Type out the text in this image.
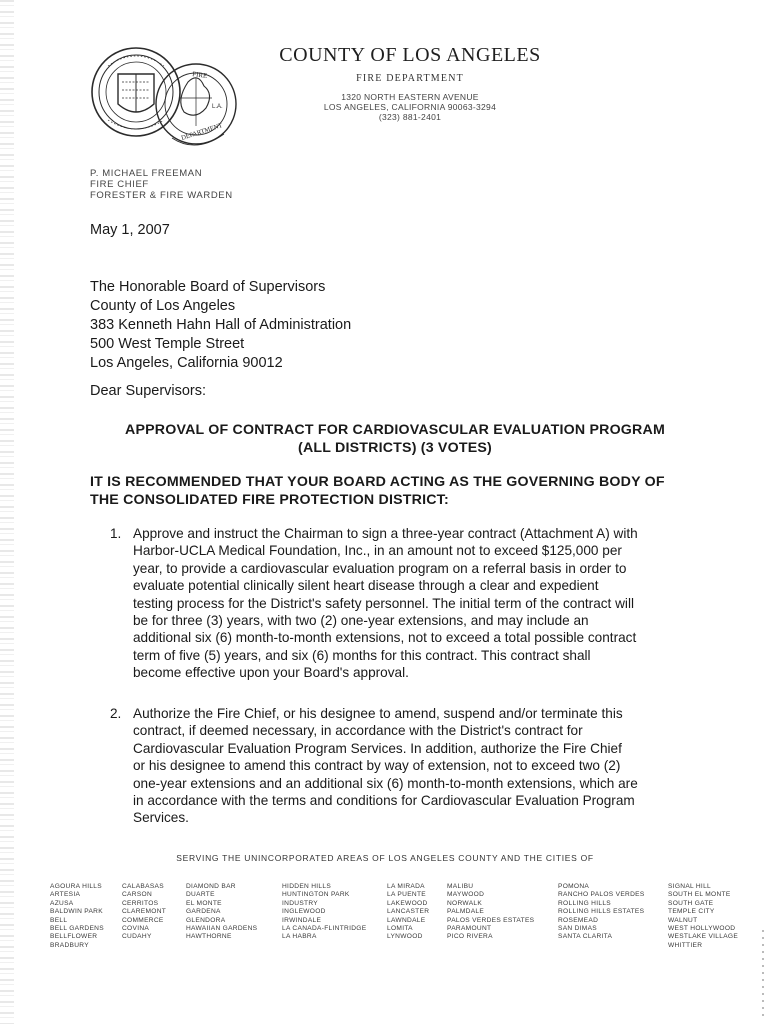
FIRE
DEPARTMENT
L.A.
COUNTY OF LOS ANGELES
FIRE DEPARTMENT
1320 NORTH EASTERN AVENUE
LOS ANGELES, CALIFORNIA 90063-3294
(323) 881-2401
P. MICHAEL FREEMAN
FIRE CHIEF
FORESTER & FIRE WARDEN
May 1, 2007
The Honorable Board of Supervisors
County of Los Angeles
383 Kenneth Hahn Hall of Administration
500 West Temple Street
Los Angeles, California 90012
Dear Supervisors:
APPROVAL OF CONTRACT FOR CARDIOVASCULAR EVALUATION PROGRAM
(ALL DISTRICTS) (3 VOTES)
IT IS RECOMMENDED THAT YOUR BOARD ACTING AS THE GOVERNING BODY OF
THE CONSOLIDATED FIRE PROTECTION DISTRICT:
1. Approve and instruct the Chairman to sign a three-year contract (Attachment A) with
Harbor-UCLA Medical Foundation, Inc., in an amount not to exceed $125,000 per
year, to provide a cardiovascular evaluation program on a referral basis in order to
evaluate potential clinically silent heart disease through a clear and expedient
testing process for the District's safety personnel. The initial term of the contract will
be for three (3) years, with two (2) one-year extensions, and may include an
additional six (6) month-to-month extensions, not to exceed a total possible contract
term of five (5) years, and six (6) months for this contract. This contract shall
become effective upon your Board's approval.
2. Authorize the Fire Chief, or his designee to amend, suspend and/or terminate this
contract, if deemed necessary, in accordance with the District's contract for
Cardiovascular Evaluation Program Services. In addition, authorize the Fire Chief
or his designee to amend this contract by way of extension, not to exceed two (2)
one-year extensions and an additional six (6) month-to-month extensions, which are
in accordance with the terms and conditions for Cardiovascular Evaluation Program
Services.
SERVING THE UNINCORPORATED AREAS OF LOS ANGELES COUNTY AND THE CITIES OF
AGOURA HILLS
ARTESIA
AZUSA
BALDWIN PARK
BELL
BELL GARDENS
BELLFLOWER
BRADBURY
CALABASAS
CARSON
CERRITOS
CLAREMONT
COMMERCE
COVINA
CUDAHY
DIAMOND BAR
DUARTE
EL MONTE
GARDENA
GLENDORA
HAWAIIAN GARDENS
HAWTHORNE
HIDDEN HILLS
HUNTINGTON PARK
INDUSTRY
INGLEWOOD
IRWINDALE
LA CANADA-FLINTRIDGE
LA HABRA
LA MIRADA
LA PUENTE
LAKEWOOD
LANCASTER
LAWNDALE
LOMITA
LYNWOOD
MALIBU
MAYWOOD
NORWALK
PALMDALE
PALOS VERDES ESTATES
PARAMOUNT
PICO RIVERA
POMONA
RANCHO PALOS VERDES
ROLLING HILLS
ROLLING HILLS ESTATES
ROSEMEAD
SAN DIMAS
SANTA CLARITA
SIGNAL HILL
SOUTH EL MONTE
SOUTH GATE
TEMPLE CITY
WALNUT
WEST HOLLYWOOD
WESTLAKE VILLAGE
WHITTIER
